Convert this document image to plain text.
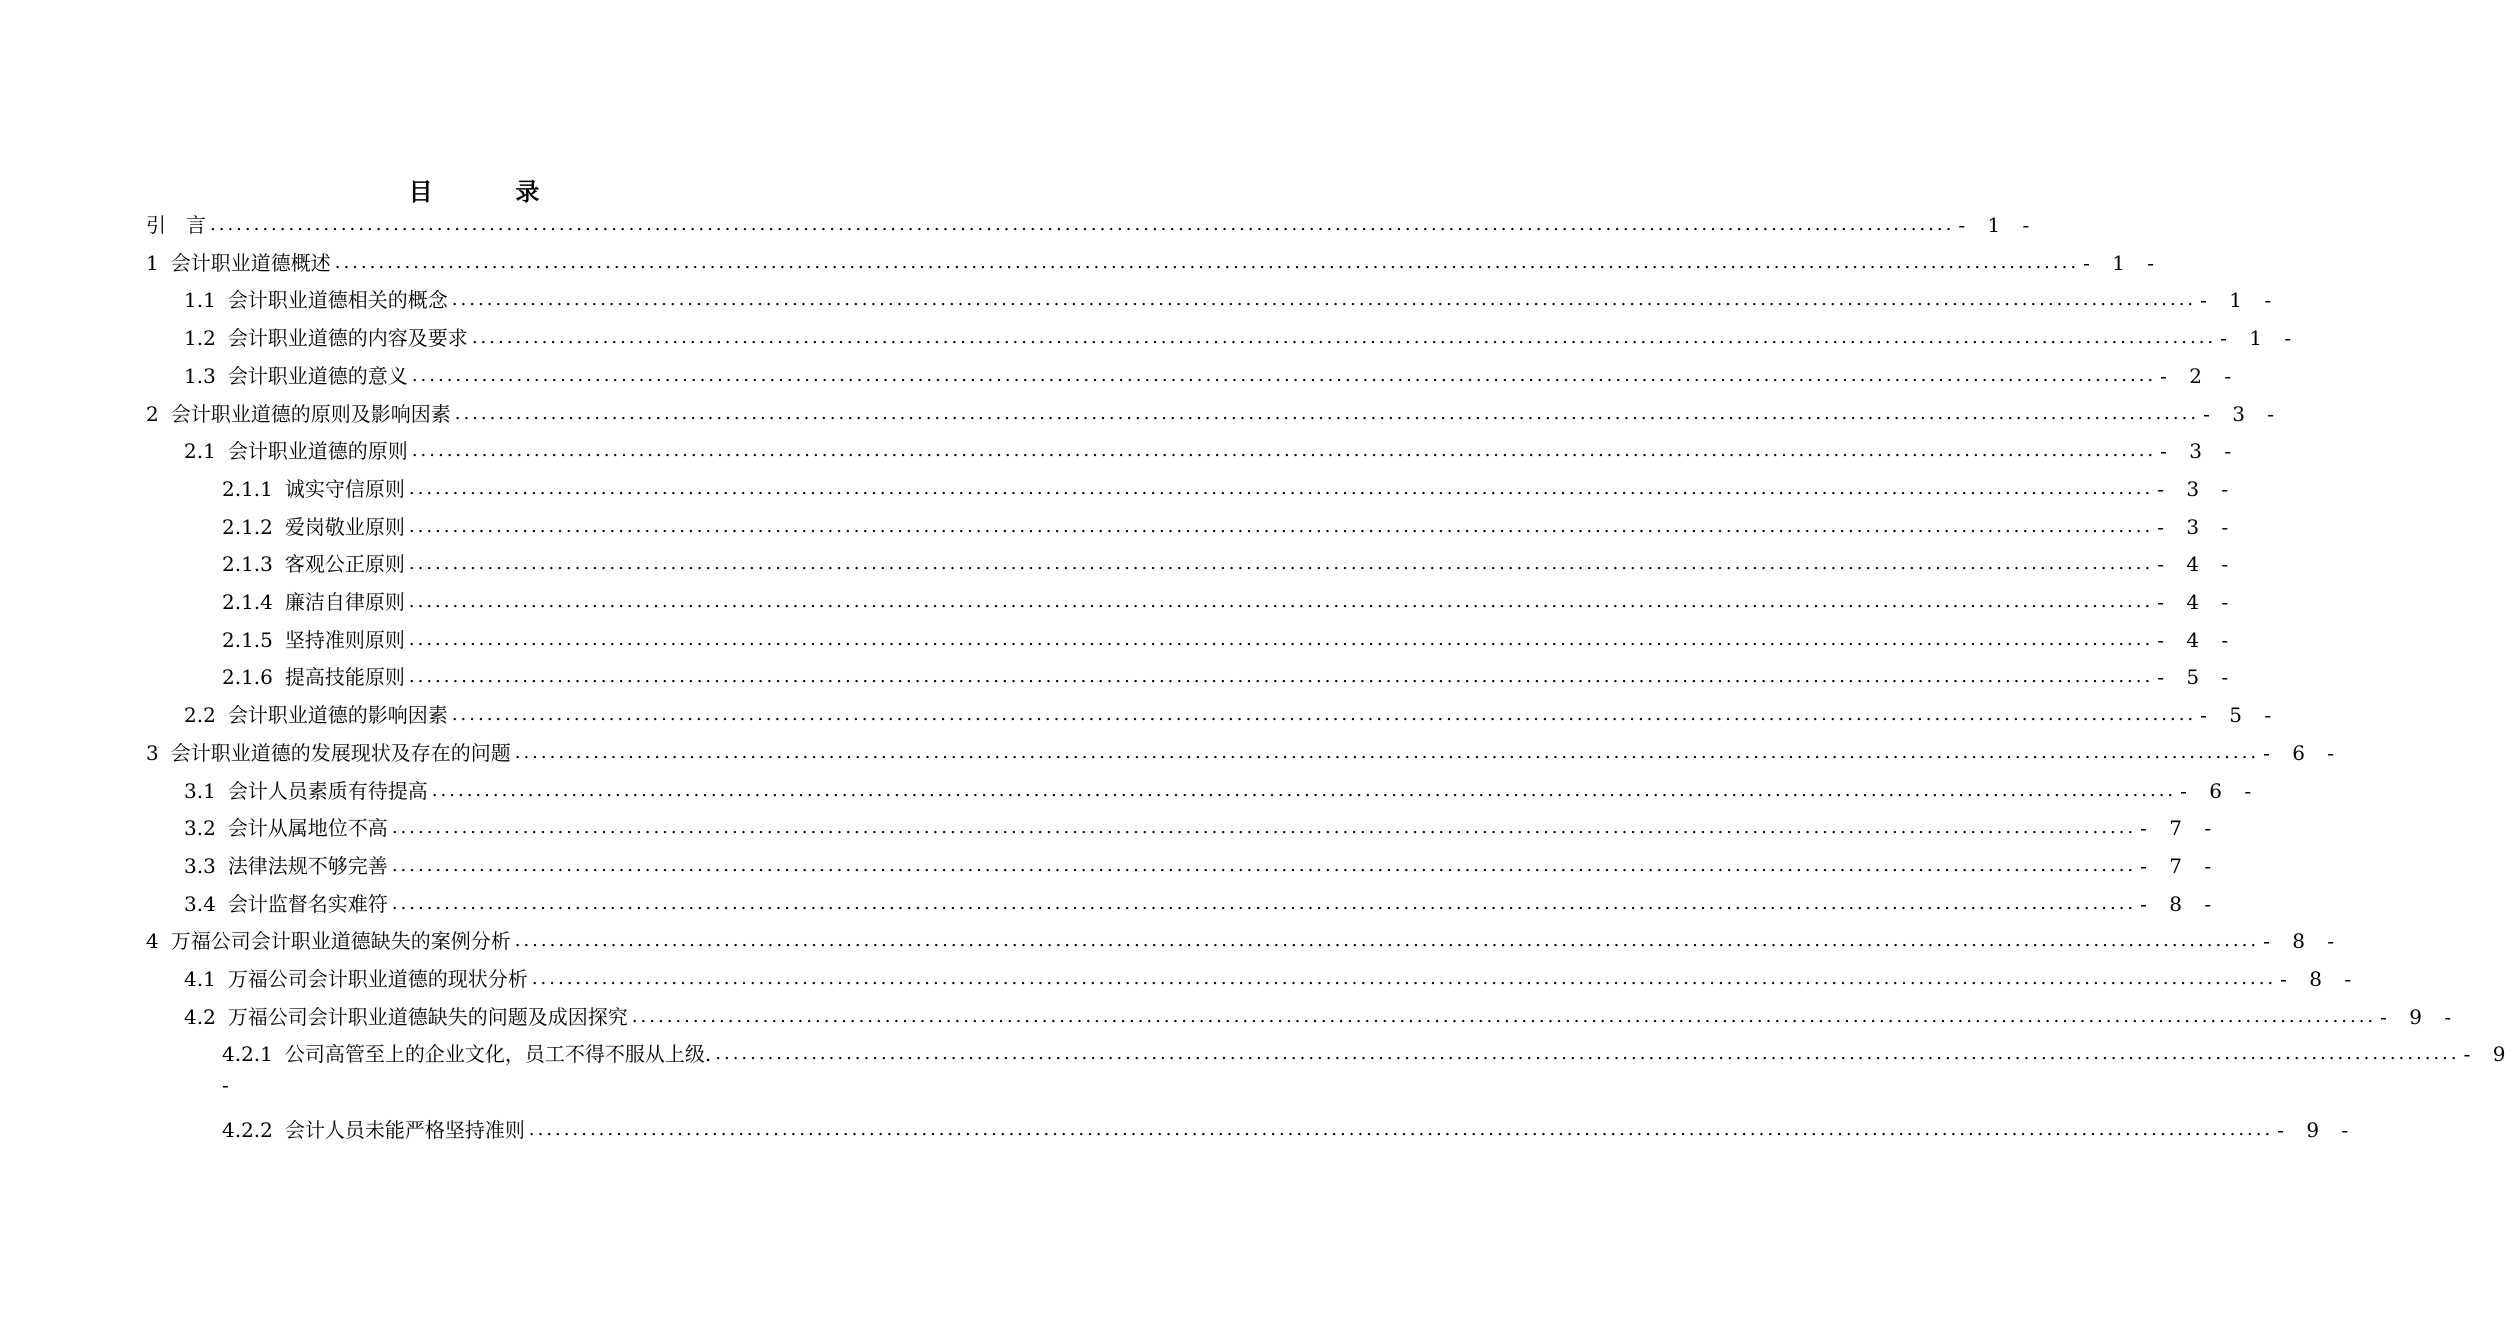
目	录
引　言 ........................................................................................................................................................................................................ - 1 -
1 会计职业道德概述 ........................................................................................................................................................................................................ - 1 -
1.1 会计职业道德相关的概念 ........................................................................................................................................................................................................ - 1 -
1.2 会计职业道德的内容及要求 ........................................................................................................................................................................................................ - 1 -
1.3 会计职业道德的意义 ........................................................................................................................................................................................................ - 2 -
2 会计职业道德的原则及影响因素 ........................................................................................................................................................................................................ - 3 -
2.1 会计职业道德的原则 ........................................................................................................................................................................................................ - 3 -
2.1.1 诚实守信原则 ........................................................................................................................................................................................................ - 3 -
2.1.2 爱岗敬业原则 ........................................................................................................................................................................................................ - 3 -
2.1.3 客观公正原则 ........................................................................................................................................................................................................ - 4 -
2.1.4 廉洁自律原则 ........................................................................................................................................................................................................ - 4 -
2.1.5 坚持准则原则 ........................................................................................................................................................................................................ - 4 -
2.1.6 提高技能原则 ........................................................................................................................................................................................................ - 5 -
2.2 会计职业道德的影响因素 ........................................................................................................................................................................................................ - 5 -
3 会计职业道德的发展现状及存在的问题 ........................................................................................................................................................................................................ - 6 -
3.1 会计人员素质有待提高 ........................................................................................................................................................................................................ - 6 -
3.2 会计从属地位不高 ........................................................................................................................................................................................................ - 7 -
3.3 法律法规不够完善 ........................................................................................................................................................................................................ - 7 -
3.4 会计监督名实难符 ........................................................................................................................................................................................................ - 8 -
4 万福公司会计职业道德缺失的案例分析 ........................................................................................................................................................................................................ - 8 -
4.1 万福公司会计职业道德的现状分析 ........................................................................................................................................................................................................ - 8 -
4.2 万福公司会计职业道德缺失的问题及成因探究 ........................................................................................................................................................................................................ - 9 -
4.2.1 公司高管至上的企业文化，员工不得不服从上级. ........................................................................................................................................................................................................ - 9
-
4.2.2 会计人员未能严格坚持准则 ........................................................................................................................................................................................................ - 9 -
